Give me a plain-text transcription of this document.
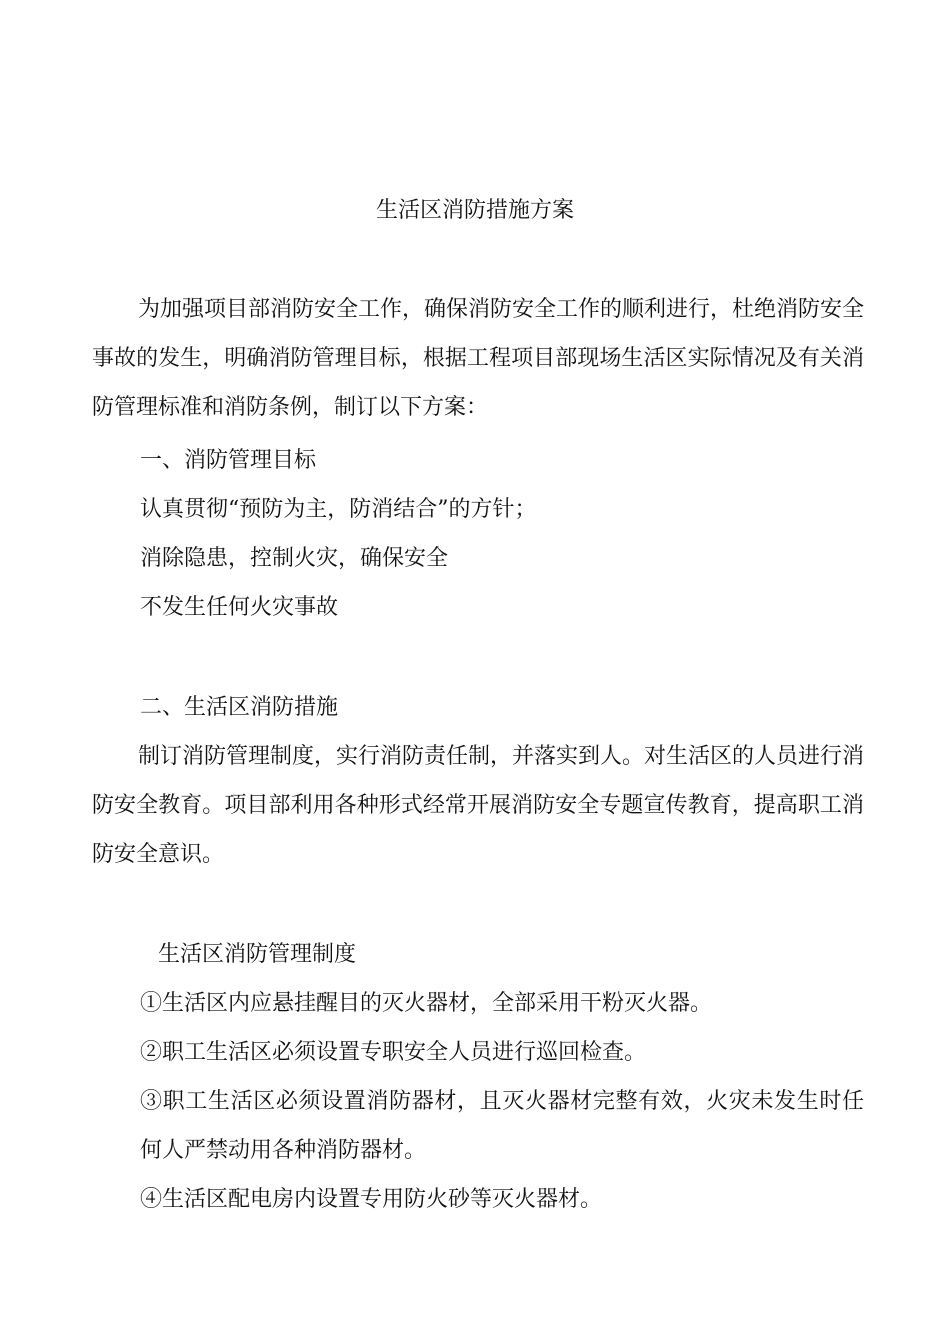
生活区消防措施方案

为加强项目部消防安全工作，确保消防安全工作的顺利进行，杜绝消防安全事故的发生，明确消防管理目标，根据工程项目部现场生活区实际情况及有关消防管理标准和消防条例，制订以下方案：

一、消防管理目标

认真贯彻“预防为主，防消结合”的方针；

消除隐患，控制火灾，确保安全

不发生任何火灾事故

二、生活区消防措施

制订消防管理制度，实行消防责任制，并落实到人。对生活区的人员进行消防安全教育。项目部利用各种形式经常开展消防安全专题宣传教育，提高职工消防安全意识。

生活区消防管理制度

①生活区内应悬挂醒目的灭火器材，全部采用干粉灭火器。

②职工生活区必须设置专职安全人员进行巡回检查。

③职工生活区必须设置消防器材，且灭火器材完整有效，火灾未发生时任何人严禁动用各种消防器材。

④生活区配电房内设置专用防火砂等灭火器材。
